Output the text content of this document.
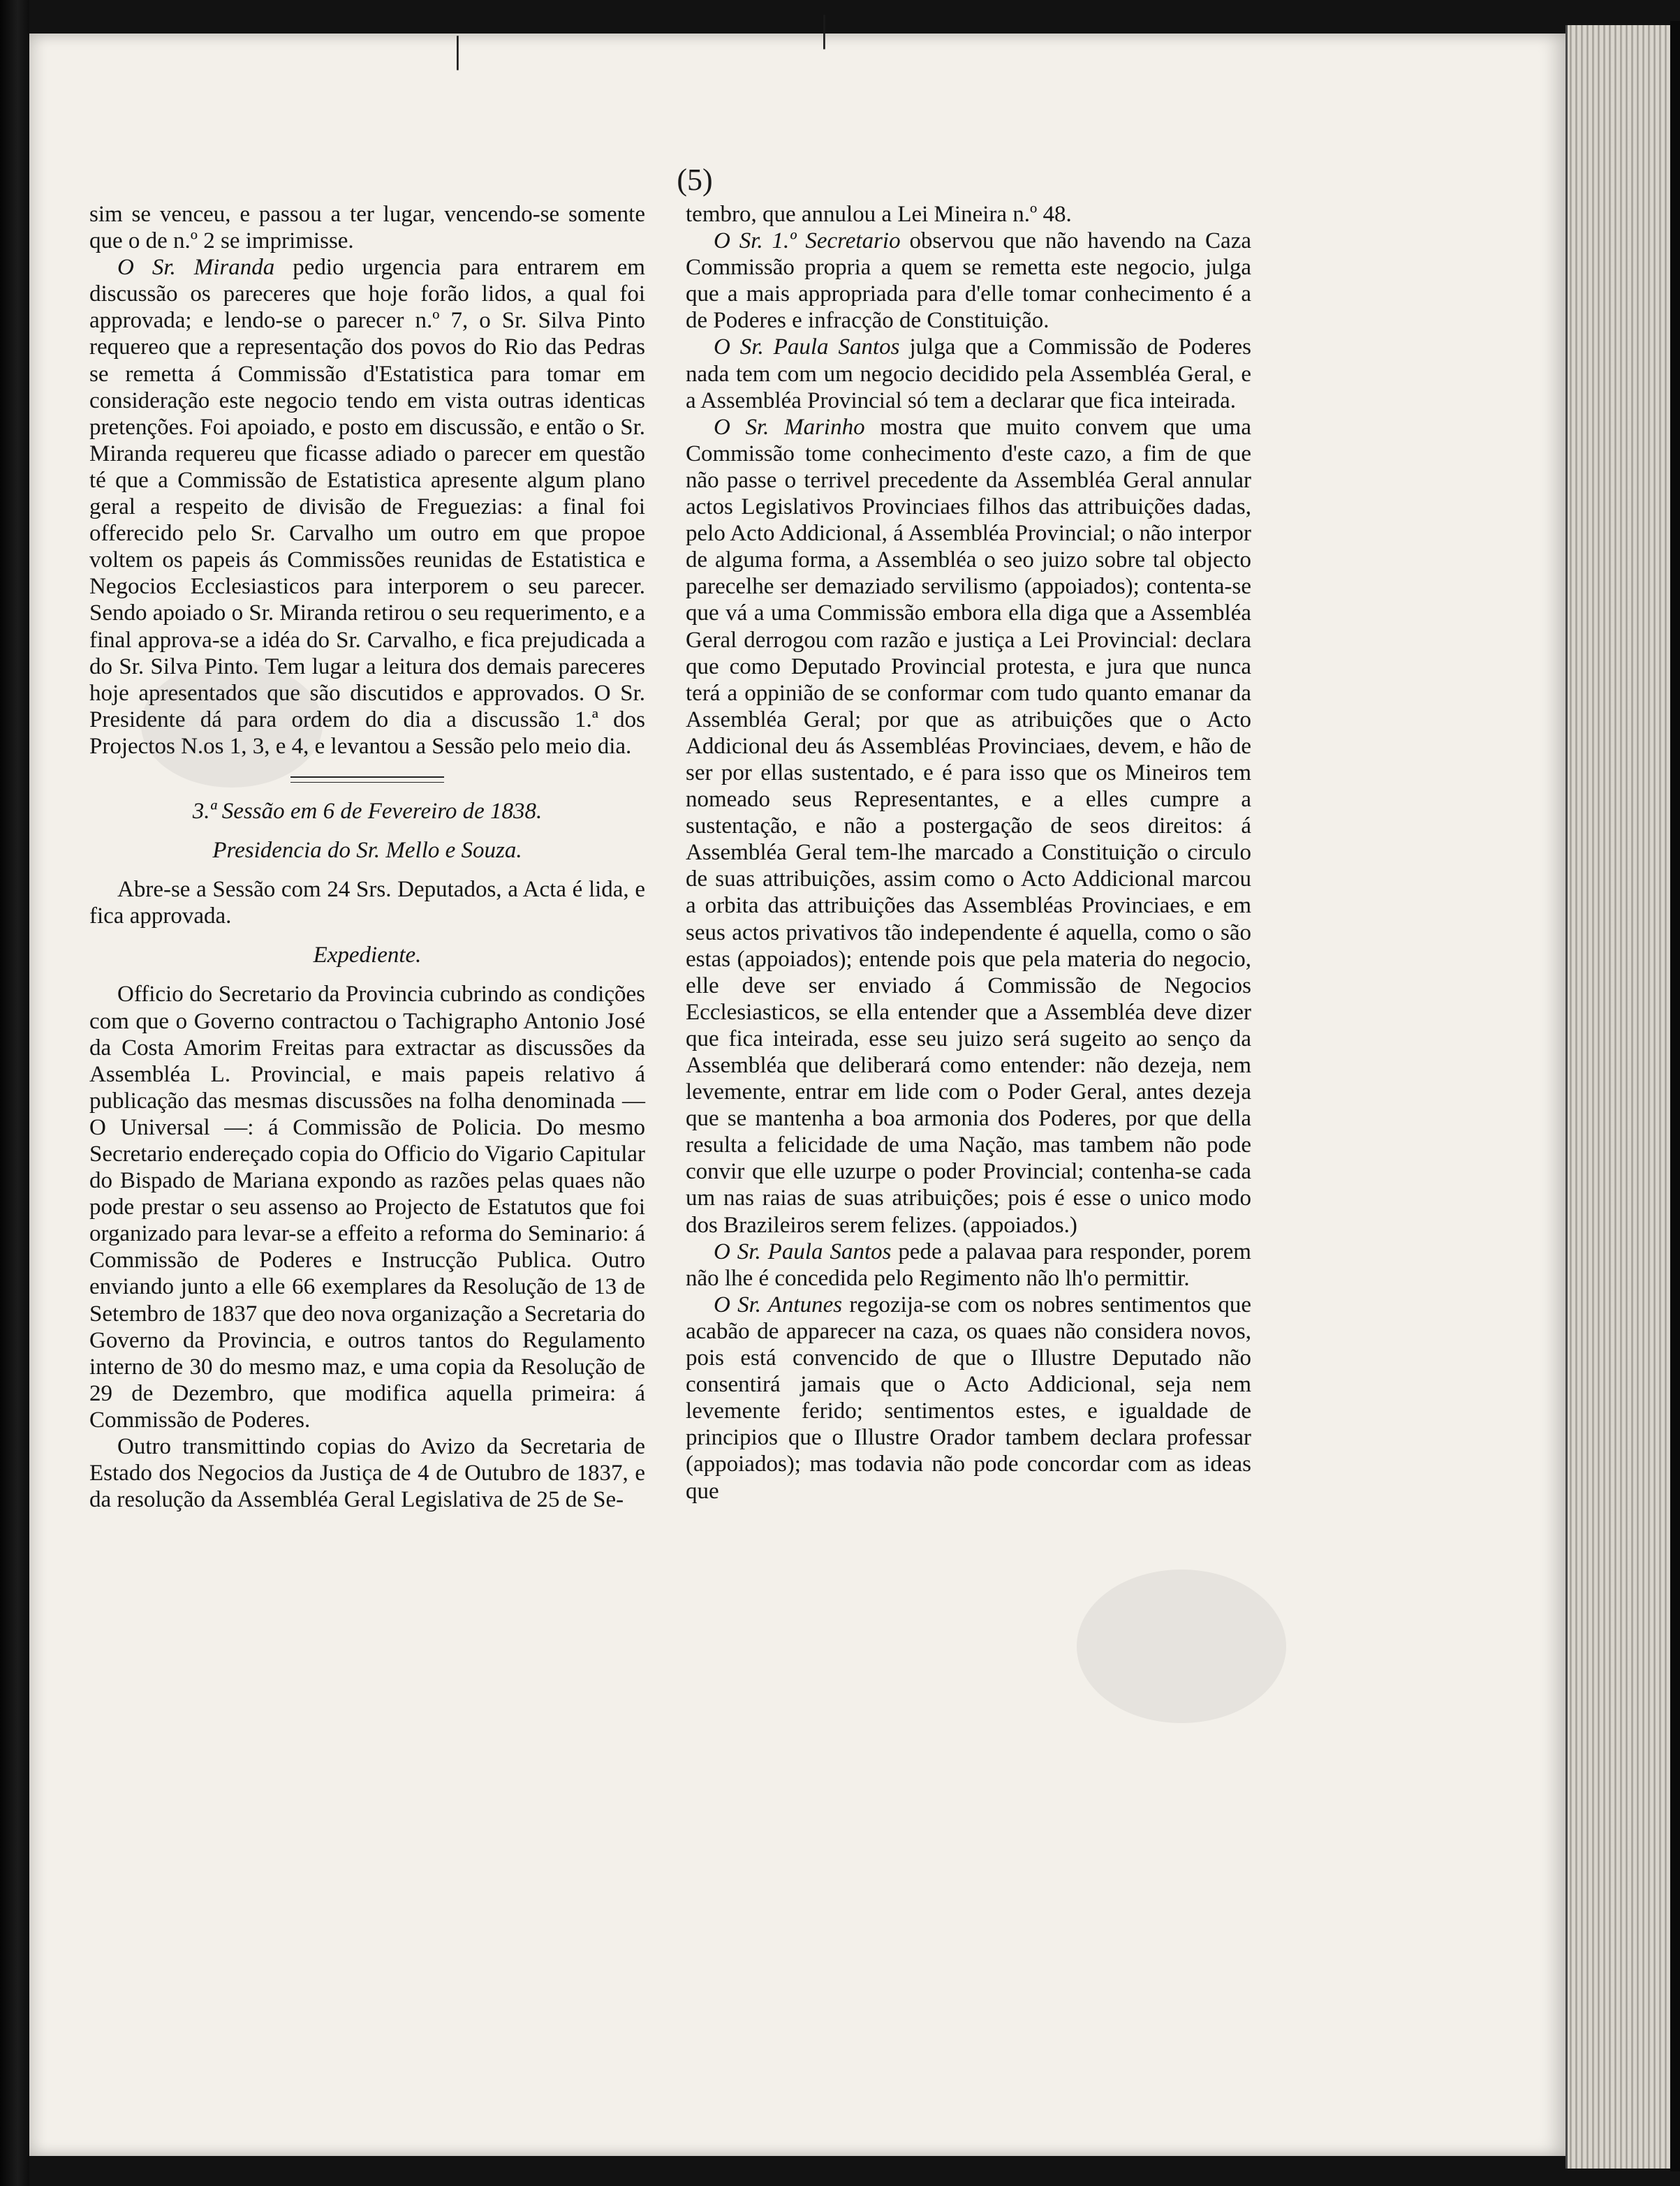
|	|
(5)

sim se venceu, e passou a ter lugar, vencendo-se somente que o de n.º 2 se imprimisse.

O Sr. Miranda pedio urgencia para entrarem em discussão os pareceres que hoje forão lidos, a qual foi approvada; e lendo-se o parecer n.º 7, o Sr. Silva Pinto requereo que a representação dos povos do Rio das Pedras se remetta á Commissão d'Estatistica para tomar em consideração este negocio tendo em vista outras identicas pretenções. Foi apoiado, e posto em discussão, e então o Sr. Miranda requereu que ficasse adiado o parecer em questão té que a Commissão de Estatistica apresente algum plano geral a respeito de divisão de Freguezias: a final foi offerecido pelo Sr. Carvalho um outro em que propoe voltem os papeis ás Commissões reunidas de Estatistica e Negocios Ecclesiasticos para interporem o seu parecer. Sendo apoiado o Sr. Miranda retirou o seu requerimento, e a final approva-se a idéa do Sr. Carvalho, e fica prejudicada a do Sr. Silva Pinto. Tem lugar a leitura dos demais pareceres hoje apresentados que são discutidos e approvados. O Sr. Presidente dá para ordem do dia a discussão 1.ª dos Projectos N.os 1, 3, e 4, e levantou a Sessão pelo meio dia.

3.ª Sessão em 6 de Fevereiro de 1838.

Presidencia do Sr. Mello e Souza.

Abre-se a Sessão com 24 Srs. Deputados, a Acta é lida, e fica approvada.

Expediente.

Officio do Secretario da Provincia cubrindo as condições com que o Governo contractou o Tachigrapho Antonio José da Costa Amorim Freitas para extractar as discussões da Assembléa L. Provincial, e mais papeis relativo á publicação das mesmas discussões na folha denominada — O Universal —: á Commissão de Policia. Do mesmo Secretario endereçado copia do Officio do Vigario Capitular do Bispado de Mariana expondo as razões pelas quaes não pode prestar o seu assenso ao Projecto de Estatutos que foi organizado para levar-se a effeito a reforma do Seminario: á Commissão de Poderes e Instrucção Publica. Outro enviando junto a elle 66 exemplares da Resolução de 13 de Setembro de 1837 que deo nova organização a Secretaria do Governo da Provincia, e outros tantos do Regulamento interno de 30 do mesmo maz, e uma copia da Resolução de 29 de Dezembro, que modifica aquella primeira: á Commissão de Poderes.

Outro transmittindo copias do Avizo da Secretaria de Estado dos Negocios da Justiça de 4 de Outubro de 1837, e da resolução da Assembléa Geral Legislativa de 25 de Se-

tembro, que annulou a Lei Mineira n.º 48.

O Sr. 1.º Secretario observou que não havendo na Caza Commissão propria a quem se remetta este negocio, julga que a mais appropriada para d'elle tomar conhecimento é a de Poderes e infracção de Constituição.

O Sr. Paula Santos julga que a Commissão de Poderes nada tem com um negocio decidido pela Assembléa Geral, e a Assembléa Provincial só tem a declarar que fica inteirada.

O Sr. Marinho mostra que muito convem que uma Commissão tome conhecimento d'este cazo, a fim de que não passe o terrivel precedente da Assembléa Geral annular actos Legislativos Provinciaes filhos das attribuições dadas, pelo Acto Addicional, á Assembléa Provincial; o não interpor de alguma forma, a Assembléa o seo juizo sobre tal objecto parecelhe ser demaziado servilismo (appoiados); contenta-se que vá a uma Commissão embora ella diga que a Assembléa Geral derrogou com razão e justiça a Lei Provincial: declara que como Deputado Provincial protesta, e jura que nunca terá a oppinião de se conformar com tudo quanto emanar da Assembléa Geral; por que as atribuições que o Acto Addicional deu ás Assembléas Provinciaes, devem, e hão de ser por ellas sustentado, e é para isso que os Mineiros tem nomeado seus Representantes, e a elles cumpre a sustentação, e não a postergação de seos direitos: á Assembléa Geral tem-lhe marcado a Constituição o circulo de suas attribuições, assim como o Acto Addicional marcou a orbita das attribuições das Assembléas Provinciaes, e em seus actos privativos tão independente é aquella, como o são estas (appoiados); entende pois que pela materia do negocio, elle deve ser enviado á Commissão de Negocios Ecclesiasticos, se ella entender que a Assembléa deve dizer que fica inteirada, esse seu juizo será sugeito ao senço da Assembléa que deliberará como entender: não dezeja, nem levemente, entrar em lide com o Poder Geral, antes dezeja que se mantenha a boa armonia dos Poderes, por que della resulta a felicidade de uma Nação, mas tambem não pode convir que elle uzurpe o poder Provincial; contenha-se cada um nas raias de suas atribuições; pois é esse o unico modo dos Brazileiros serem felizes. (appoiados.)

O Sr. Paula Santos pede a palavaa para responder, porem não lhe é concedida pelo Regimento não lh'o permittir.

O Sr. Antunes regozija-se com os nobres sentimentos que acabão de apparecer na caza, os quaes não considera novos, pois está convencido de que o Illustre Deputado não consentirá jamais que o Acto Addicional, seja nem levemente ferido; sentimentos estes, e igualdade de principios que o Illustre Orador tambem declara professar (appoiados); mas todavia não pode concordar com as ideas que
